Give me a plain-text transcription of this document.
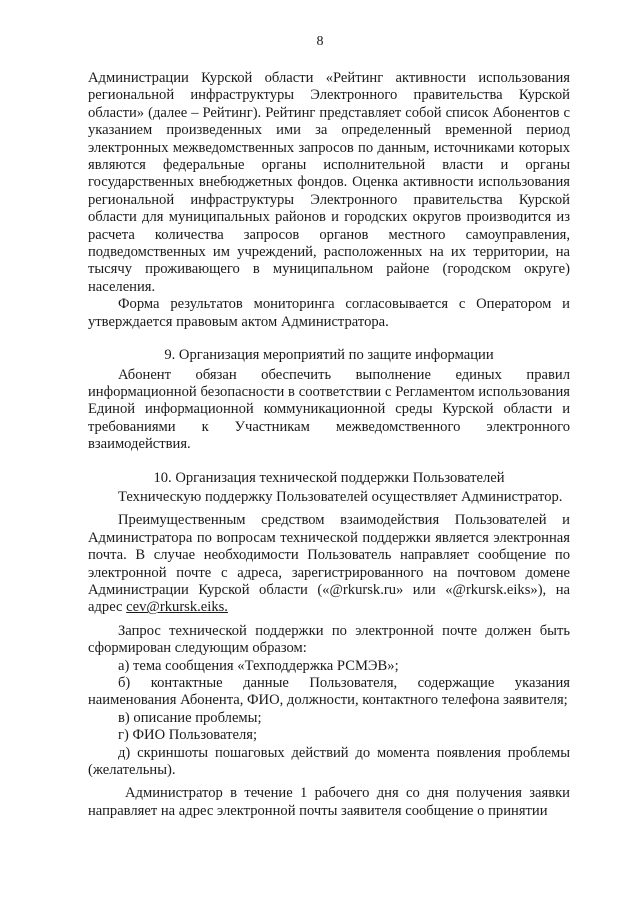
8

Администрации Курской области «Рейтинг активности использования региональной инфраструктуры Электронного правительства Курской области» (далее – Рейтинг). Рейтинг представляет собой список Абонентов с указанием произведенных ими за определенный временной период электронных межведомственных запросов по данным, источниками которых являются федеральные органы исполнительной власти и органы государственных внебюджетных фондов. Оценка активности использования региональной инфраструктуры Электронного правительства Курской области для муниципальных районов и городских округов производится из расчета количества запросов органов местного самоуправления, подведомственных им учреждений, расположенных на их территории, на тысячу проживающего в муниципальном районе (городском округе) населения.

Форма результатов мониторинга согласовывается с Оператором и утверждается правовым актом Администратора.

9. Организация мероприятий по защите информации

Абонент обязан обеспечить выполнение единых правил информационной безопасности в соответствии с Регламентом использования Единой информационной коммуникационной среды Курской области и требованиями к Участникам межведомственного электронного взаимодействия.

10. Организация технической поддержки Пользователей

Техническую поддержку Пользователей осуществляет Администратор.

Преимущественным средством взаимодействия Пользователей и Администратора по вопросам технической поддержки является электронная почта. В случае необходимости Пользователь направляет сообщение по электронной почте с адреса, зарегистрированного на почтовом домене Администрации Курской области («@rkursk.ru» или «@rkursk.eiks»), на адрес cev@rkursk.eiks.

Запрос технической поддержки по электронной почте должен быть сформирован следующим образом:

а) тема сообщения «Техподдержка РСМЭВ»;

б) контактные данные Пользователя, содержащие указания наименования Абонента, ФИО, должности, контактного телефона заявителя;

в) описание проблемы;

г) ФИО Пользователя;

д) скриншоты пошаговых действий до момента появления проблемы (желательны).

Администратор в течение 1 рабочего дня со дня получения заявки направляет на адрес электронной почты заявителя сообщение о принятии
